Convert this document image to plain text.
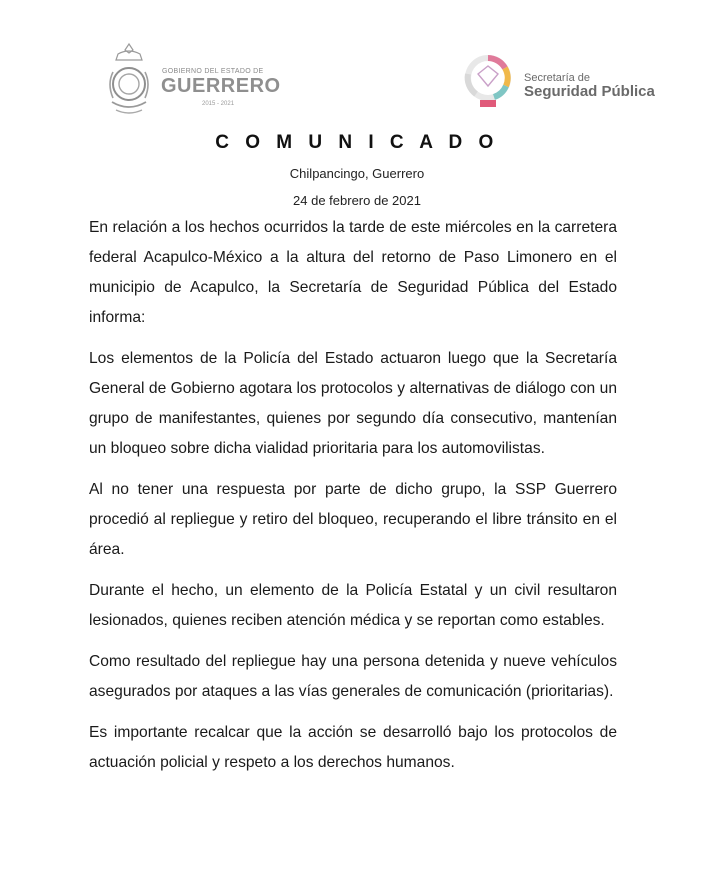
GOBIERNO DEL ESTADO DE
GUERRERO
2015 - 2021
Secretaría de
Seguridad Pública
C O M U N I C A D O
Chilpancingo, Guerrero
24 de febrero de 2021

En relación a los hechos ocurridos la tarde de este miércoles en la carretera federal Acapulco-México a la altura del retorno de Paso Limonero en el municipio de Acapulco, la Secretaría de Seguridad Pública del Estado informa:

Los elementos de la Policía del Estado actuaron luego que la Secretaría General de Gobierno agotara los protocolos y alternativas de diálogo con un grupo de manifestantes, quienes por segundo día consecutivo, mantenían un bloqueo sobre dicha vialidad prioritaria para los automovilistas.

Al no tener una respuesta por parte de dicho grupo, la SSP Guerrero procedió al repliegue y retiro del bloqueo, recuperando el libre tránsito en el área.

Durante el hecho, un elemento de la Policía Estatal y un civil resultaron lesionados, quienes reciben atención médica y se reportan como estables.

Como resultado del repliegue hay una persona detenida y nueve vehículos asegurados por ataques a las vías generales de comunicación (prioritarias).

Es importante recalcar que la acción se desarrolló bajo los protocolos de actuación policial y respeto a los derechos humanos.
